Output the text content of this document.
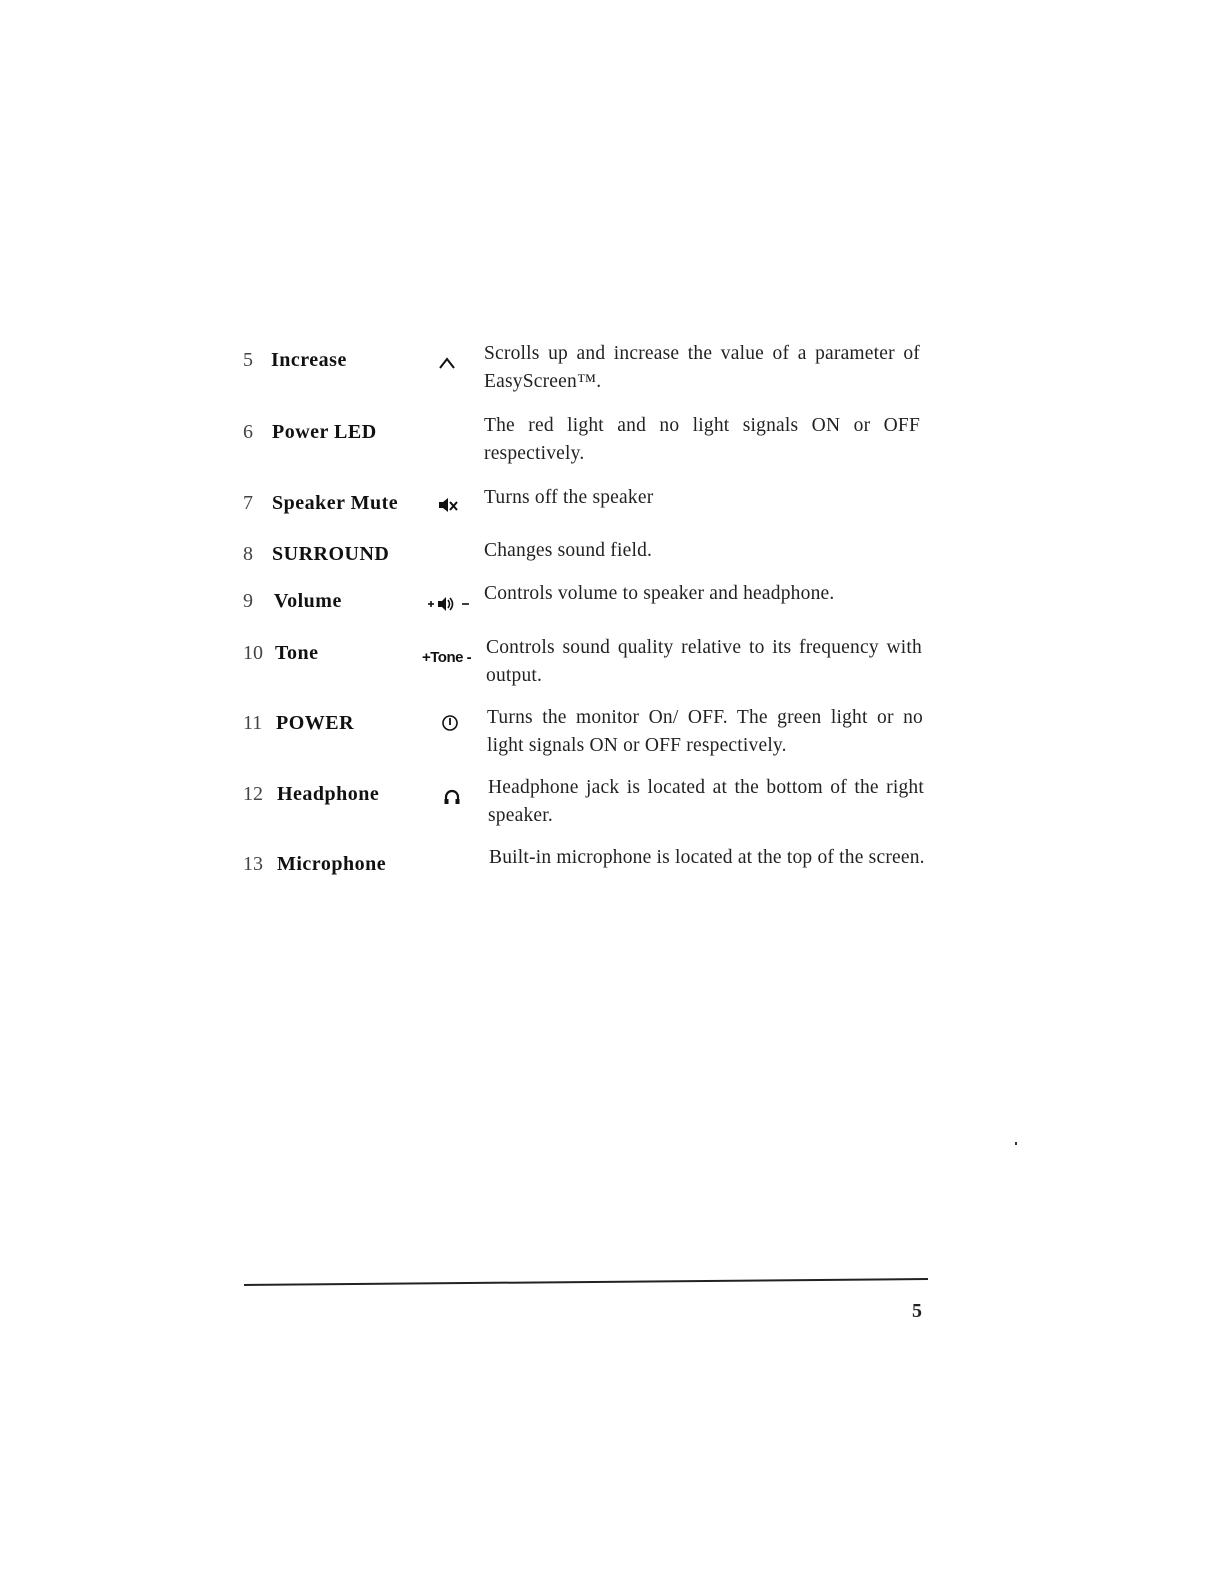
5 Increase	Scrolls up and increase the value of a parameter of EasyScreen™.
6 Power LED	The red light and no light signals ON or OFF respectively.
7 Speaker Mute	Turns off the speaker
8 SURROUND	Changes sound field.
9 Volume	Controls volume to speaker and headphone.
10 Tone	+Tone - Controls sound quality relative to its frequency with output.
11 POWER	Turns the monitor On/ OFF. The green light or no light signals ON or OFF respectively.
12 Headphone	Headphone jack is located at the bottom of the right speaker.
13 Microphone	Built-in microphone is located at the top of the screen.
5
